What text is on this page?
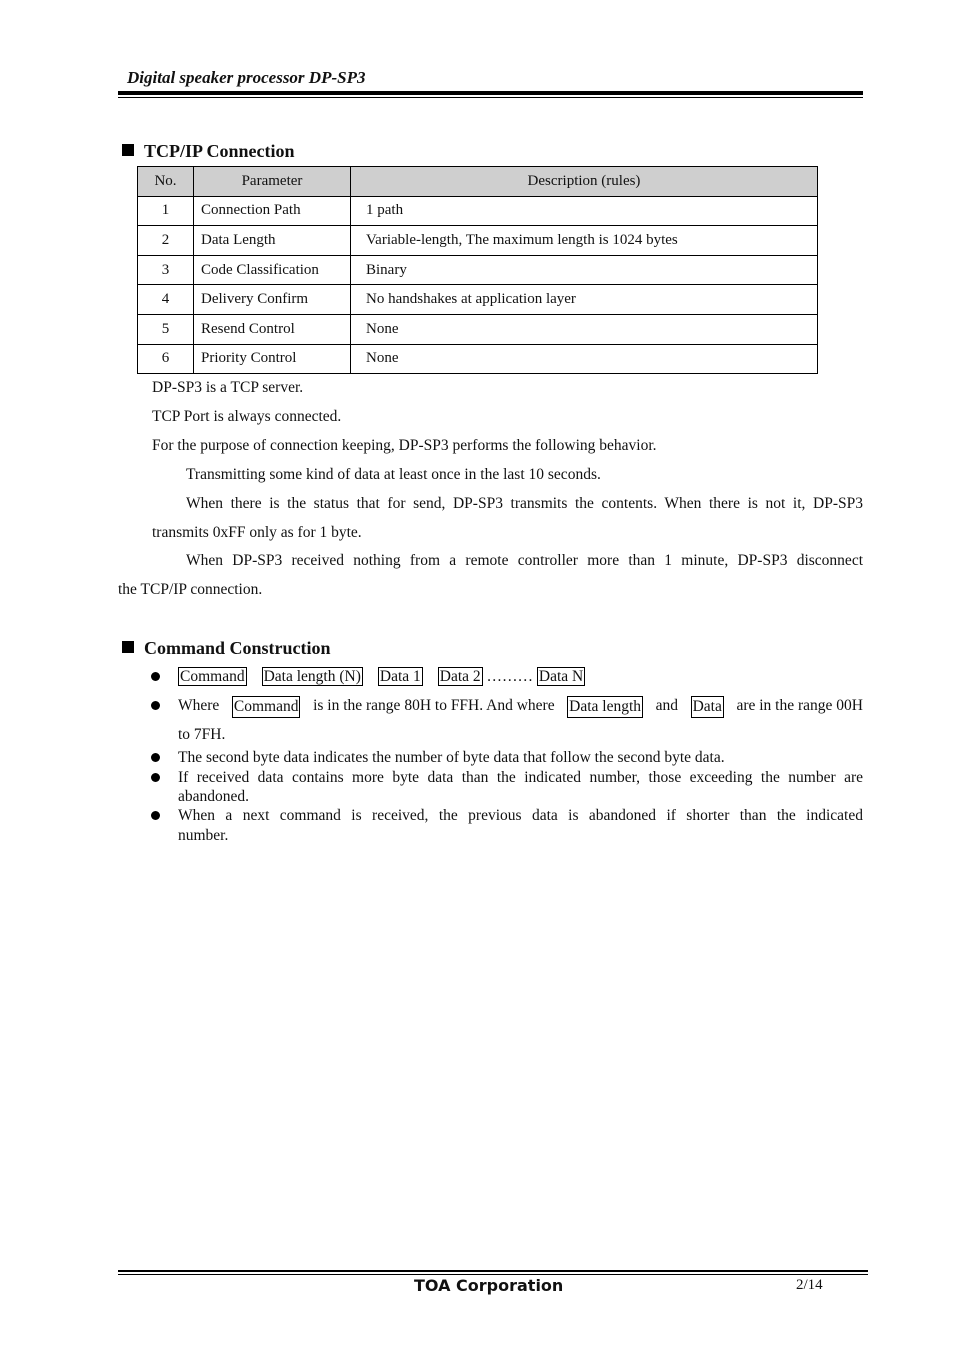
Digital speaker processor DP-SP3
TCP/IP Connection
No.	Parameter	Description (rules)
1	Connection Path	1 path
2	Data Length	Variable-length, The maximum length is 1024 bytes
3	Code Classification	Binary
4	Delivery Confirm	No handshakes at application layer
5	Resend Control	None
6	Priority Control	None
DP-SP3 is a TCP server.
TCP Port is always connected.
For the purpose of connection keeping, DP-SP3 performs the following behavior.
Transmitting some kind of data at least once in the last 10 seconds.
When there is the status that for send, DP-SP3 transmits the contents. When there is not it, DP-SP3
transmits 0xFF only as for 1 byte.
When DP-SP3 received nothing from a remote controller more than 1 minute, DP-SP3 disconnect
the TCP/IP connection.
Command Construction
Command Data length (N) Data 1 Data 2 ……… Data N
Where Command is in the range 80H to FFH. And where Data length and Data are in the range 00H
to 7FH.
The second byte data indicates the number of byte data that follow the second byte data.
If received data contains more byte data than the indicated number, those exceeding the number are
abandoned.
When a next command is received, the previous data is abandoned if shorter than the indicated
number.
TOA Corporation	2/14
